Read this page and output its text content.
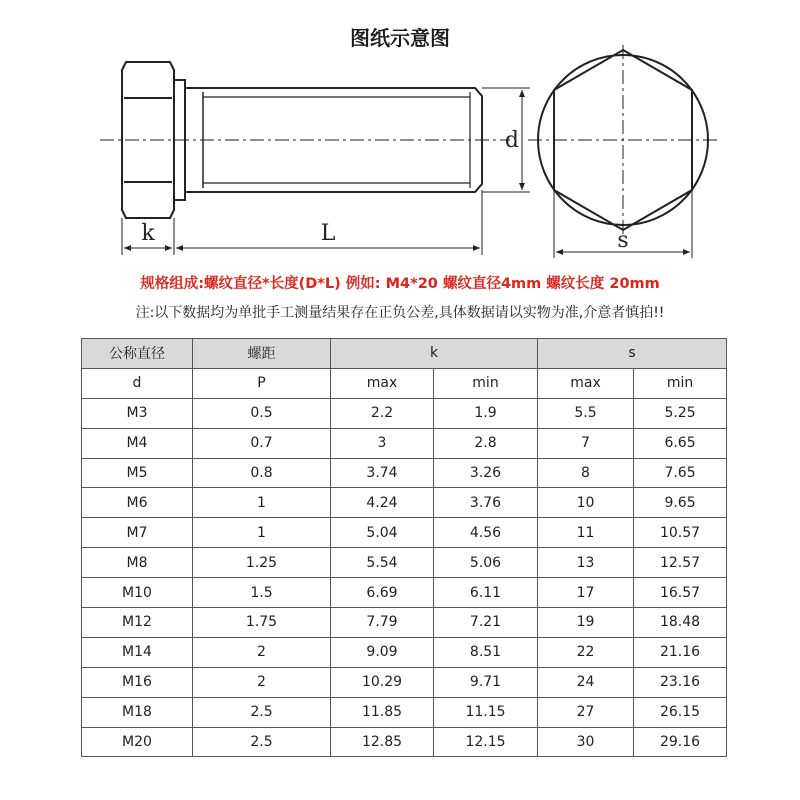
图纸示意图
k	L
d
s
规格组成:螺纹直径*长度(D*L) 例如: M4*20 螺纹直径4mm 螺纹长度 20mm
注:以下数据均为单批手工测量结果存在正负公差,具体数据请以实物为准,介意者慎拍!!
公称直径	螺距	k		s	
d	P	max	min	max	min
M3	0.5	2.2	1.9	5.5	5.25
M4	0.7	3	2.8	7	6.65
M5	0.8	3.74	3.26	8	7.65
M6	1	4.24	3.76	10	9.65
M7	1	5.04	4.56	11	10.57
M8	1.25	5.54	5.06	13	12.57
M10	1.5	6.69	6.11	17	16.57
M12	1.75	7.79	7.21	19	18.48
M14	2	9.09	8.51	22	21.16
M16	2	10.29	9.71	24	23.16
M18	2.5	11.85	11.15	27	26.15
M20	2.5	12.85	12.15	30	29.16
